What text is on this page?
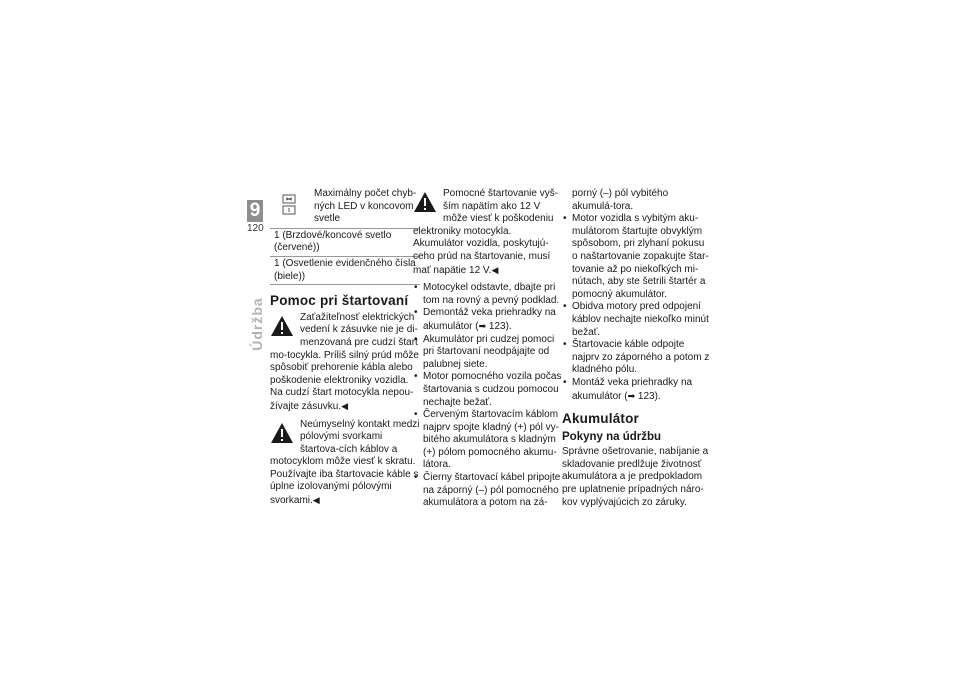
9
120
Údržba

Maximálny počet chyb-ných LED v koncovom svetle

1 (Brzdové/koncové svetlo (červené))
1 (Osvetlenie evidenčného čísla (biele))
Pomoc pri štartovaní

Zaťažiteľnosť elektrických vedení k zásuvke nie je di-menzovaná pre cudzí štart mo-tocykla. Príliš silný prúd môže spôsobiť prehorenie kábla alebo poškodenie elektroniky vozidla.

Na cudzí štart motocykla nepou-žívajte zásuvku.◀

Neúmyselný kontakt medzi pólovými svorkami štartova-cích káblov a motocyklom môže viesť k skratu.

Používajte iba štartovacie káble s úplne izolovanými pólovými svorkami.◀

Pomocné štartovanie vyš-ším napätím ako 12 V môže viesť k poškodeniu elektroniky motocykla.

Akumulátor vozidla, poskytujú-ceho prúd na štartovanie, musí mať napätie 12 V.◀

• Motocykel odstavte, dbajte pri tom na rovný a pevný podklad.
• Demontáž veka priehradky na akumulátor (➡ 123).
• Akumulátor pri cudzej pomoci pri štartovaní neodpájajte od palubnej siete.
• Motor pomocného vozila počas štartovania s cudzou pomocou nechajte bežať.
• Červeným štartovacím káblom najprv spojte kladný (+) pól vy-bitého akumulátora s kladným (+) pólom pomocného akumu-látora.
• Čierny štartovací kábel pripojte na záporný (–) pól pomocného akumulátora a potom na zá-

porný (–) pól vybitého akumulá-tora.

• Motor vozidla s vybitým aku-mulátorom štartujte obvyklým spôsobom, pri zlyhaní pokusu o naštartovanie zopakujte štar-tovanie až po niekoľkých mi-nútach, aby ste šetrili štartér a pomocný akumulátor.
• Obidva motory pred odpojení káblov nechajte niekoľko minút bežať.
• Štartovacie káble odpojte najprv zo záporného a potom z kladného pólu.
• Montáž veka priehradky na akumulátor (➡ 123).
Akumulátor
Pokyny na údržbu

Správne ošetrovanie, nabíjanie a skladovanie predlžuje životnosť akumulátora a je predpokladom pre uplatnenie prípadných náro-kov vyplývajúcich zo záruky.
